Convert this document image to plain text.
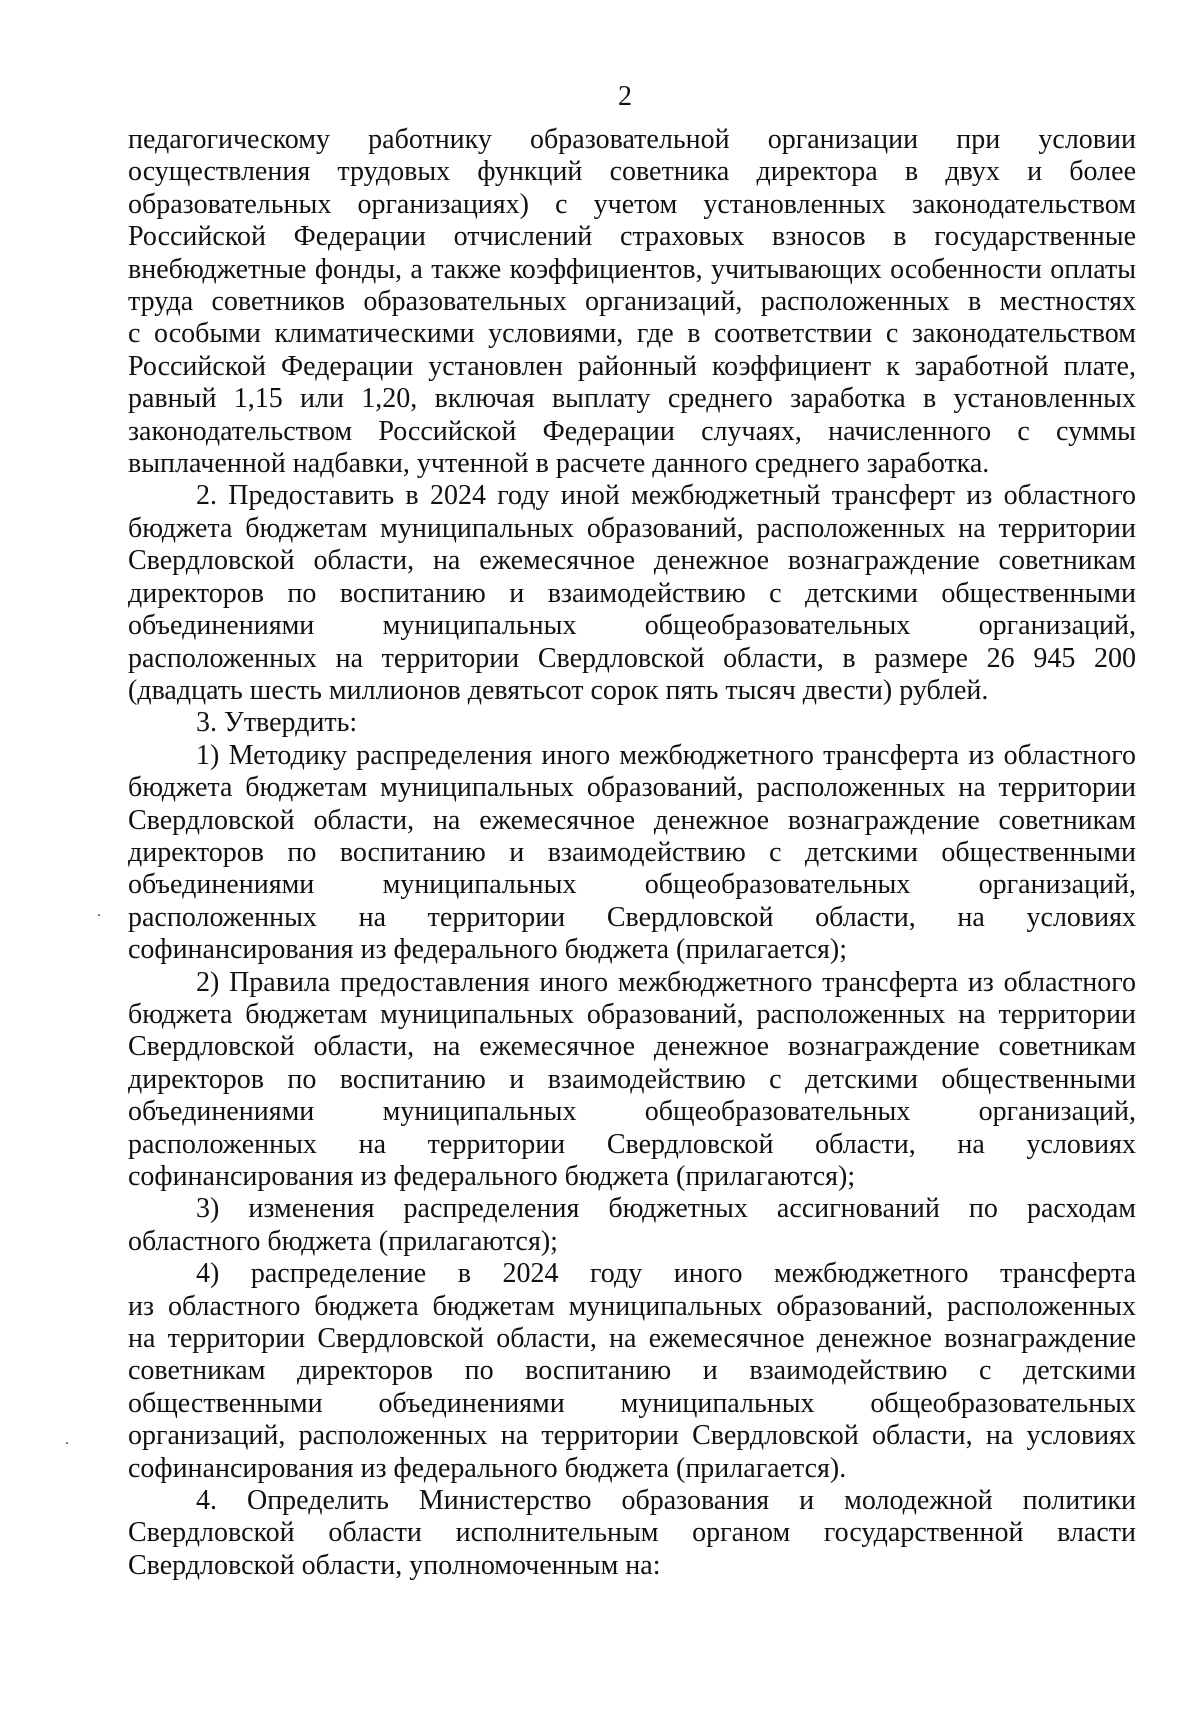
2
педагогическому работнику образовательной организации при условии
осуществления трудовых функций советника директора в двух и более
образовательных организациях) с учетом установленных законодательством
Российской Федерации отчислений страховых взносов в государственные
внебюджетные фонды, а также коэффициентов, учитывающих особенности оплаты
труда советников образовательных организаций, расположенных в местностях
с особыми климатическими условиями, где в соответствии с законодательством
Российской Федерации установлен районный коэффициент к заработной плате,
равный 1,15 или 1,20, включая выплату среднего заработка в установленных
законодательством Российской Федерации случаях, начисленного с суммы
выплаченной надбавки, учтенной в расчете данного среднего заработка.
2. Предоставить в 2024 году иной межбюджетный трансферт из областного
бюджета бюджетам муниципальных образований, расположенных на территории
Свердловской области, на ежемесячное денежное вознаграждение советникам
директоров по воспитанию и взаимодействию с детскими общественными
объединениями муниципальных общеобразовательных организаций,
расположенных на территории Свердловской области, в размере 26 945 200
(двадцать шесть миллионов девятьсот сорок пять тысяч двести) рублей.
3. Утвердить:
1) Методику распределения иного межбюджетного трансферта из областного
бюджета бюджетам муниципальных образований, расположенных на территории
Свердловской области, на ежемесячное денежное вознаграждение советникам
директоров по воспитанию и взаимодействию с детскими общественными
объединениями муниципальных общеобразовательных организаций,
расположенных на территории Свердловской области, на условиях
софинансирования из федерального бюджета (прилагается);
2) Правила предоставления иного межбюджетного трансферта из областного
бюджета бюджетам муниципальных образований, расположенных на территории
Свердловской области, на ежемесячное денежное вознаграждение советникам
директоров по воспитанию и взаимодействию с детскими общественными
объединениями муниципальных общеобразовательных организаций,
расположенных на территории Свердловской области, на условиях
софинансирования из федерального бюджета (прилагаются);
3) изменения распределения бюджетных ассигнований по расходам
областного бюджета (прилагаются);
4) распределение в 2024 году иного межбюджетного трансферта
из областного бюджета бюджетам муниципальных образований, расположенных
на территории Свердловской области, на ежемесячное денежное вознаграждение
советникам директоров по воспитанию и взаимодействию с детскими
общественными объединениями муниципальных общеобразовательных
организаций, расположенных на территории Свердловской области, на условиях
софинансирования из федерального бюджета (прилагается).
4. Определить Министерство образования и молодежной политики
Свердловской области исполнительным органом государственной власти
Свердловской области, уполномоченным на:
